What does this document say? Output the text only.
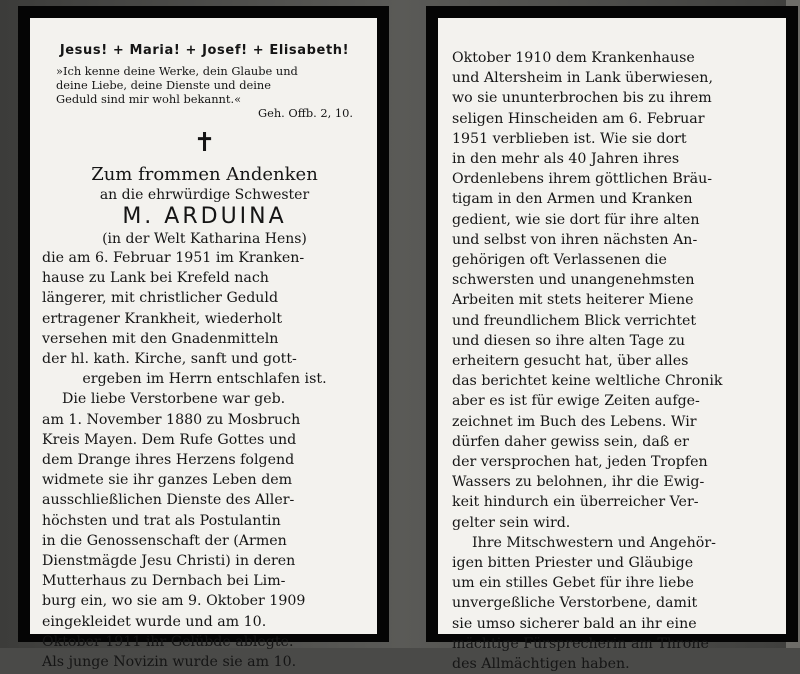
Jesus! + Maria! + Josef! + Elisabeth!
»Ich kenne deine Werke, dein Glaube und
deine Liebe, deine Dienste und deine
Geduld sind mir wohl bekannt.«
Geh. Offb. 2, 10.
✝
Zum frommen Andenken
an die ehrwürdige Schwester
M. ARDUINA
(in der Welt Katharina Hens)
die am 6. Februar 1951 im Kranken-
hause zu Lank bei Krefeld nach
längerer, mit christlicher Geduld
ertragener Krankheit, wiederholt
versehen mit den Gnadenmitteln
der hl. kath. Kirche, sanft und gott-
ergeben im Herrn entschlafen ist.
Die liebe Verstorbene war geb.
am 1. November 1880 zu Mosbruch
Kreis Mayen. Dem Rufe Gottes und
dem Drange ihres Herzens folgend
widmete sie ihr ganzes Leben dem
ausschließlichen Dienste des Aller-
höchsten und trat als Postulantin
in die Genossenschaft der (Armen
Dienstmägde Jesu Christi) in deren
Mutterhaus zu Dernbach bei Lim-
burg ein, wo sie am 9. Oktober 1909
eingekleidet wurde und am 10.
Oktober 1911 ihr Gelübde ablegte.
Als junge Novizin wurde sie am 10.
Oktober 1910 dem Krankenhause
und Altersheim in Lank überwiesen,
wo sie ununterbrochen bis zu ihrem
seligen Hinscheiden am 6. Februar
1951 verblieben ist. Wie sie dort
in den mehr als 40 Jahren ihres
Ordenlebens ihrem göttlichen Bräu-
tigam in den Armen und Kranken
gedient, wie sie dort für ihre alten
und selbst von ihren nächsten An-
gehörigen oft Verlassenen die
schwersten und unangenehmsten
Arbeiten mit stets heiterer Miene
und freundlichem Blick verrichtet
und diesen so ihre alten Tage zu
erheitern gesucht hat, über alles
das berichtet keine weltliche Chronik
aber es ist für ewige Zeiten aufge-
zeichnet im Buch des Lebens. Wir
dürfen daher gewiss sein, daß er
der versprochen hat, jeden Tropfen
Wassers zu belohnen, ihr die Ewig-
keit hindurch ein überreicher Ver-
gelter sein wird.
Ihre Mitschwestern und Angehör-
igen bitten Priester und Gläubige
um ein stilles Gebet für ihre liebe
unvergeßliche Verstorbene, damit
sie umso sicherer bald an ihr eine
mächtige Fürsprecherin am Throne
des Allmächtigen haben.
